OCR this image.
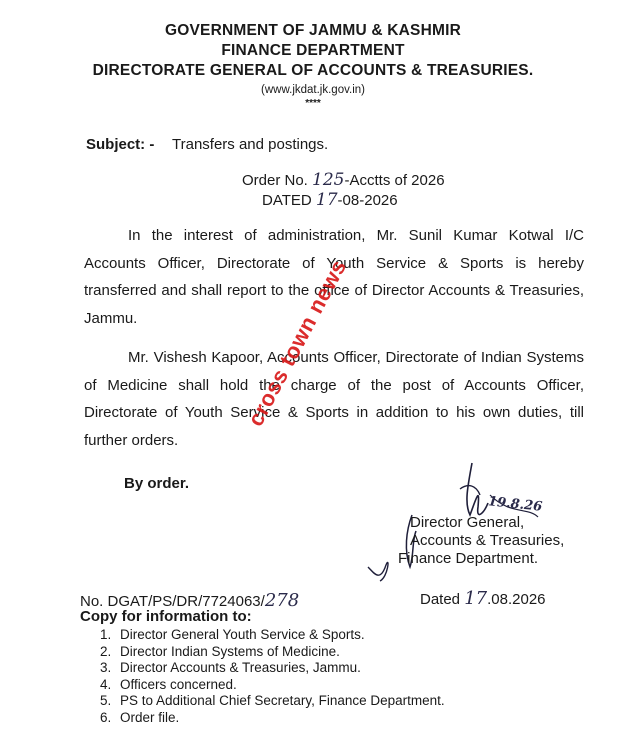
GOVERNMENT OF JAMMU & KASHMIR
FINANCE DEPARTMENT
DIRECTORATE GENERAL OF ACCOUNTS & TREASURIES.
(www.jkdat.jk.gov.in)
****
Subject: - Transfers and postings.
Order No. 125-Acctts of 2026
DATED 17-08-2026

In the interest of administration, Mr. Sunil Kumar Kotwal I/C Accounts Officer, Directorate of Youth Service & Sports is hereby transferred and shall report to the office of Director Accounts & Treasuries, Jammu.

Mr. Vishesh Kapoor, Accounts Officer, Directorate of Indian Systems of Medicine shall hold the charge of the post of Accounts Officer, Directorate of Youth Service & Sports in addition to his own duties, till further orders.

By order.
19.8.26
Director General,
Accounts & Treasuries,
Finance Department.
No. DGAT/PS/DR/7724063/278	Dated 17.08.2026
Copy for information to:
1. Director General Youth Service & Sports.
2. Director Indian Systems of Medicine.
3. Director Accounts & Treasuries, Jammu.
4. Officers concerned.
5. PS to Additional Chief Secretary, Finance Department.
6. Order file.
cross town news
